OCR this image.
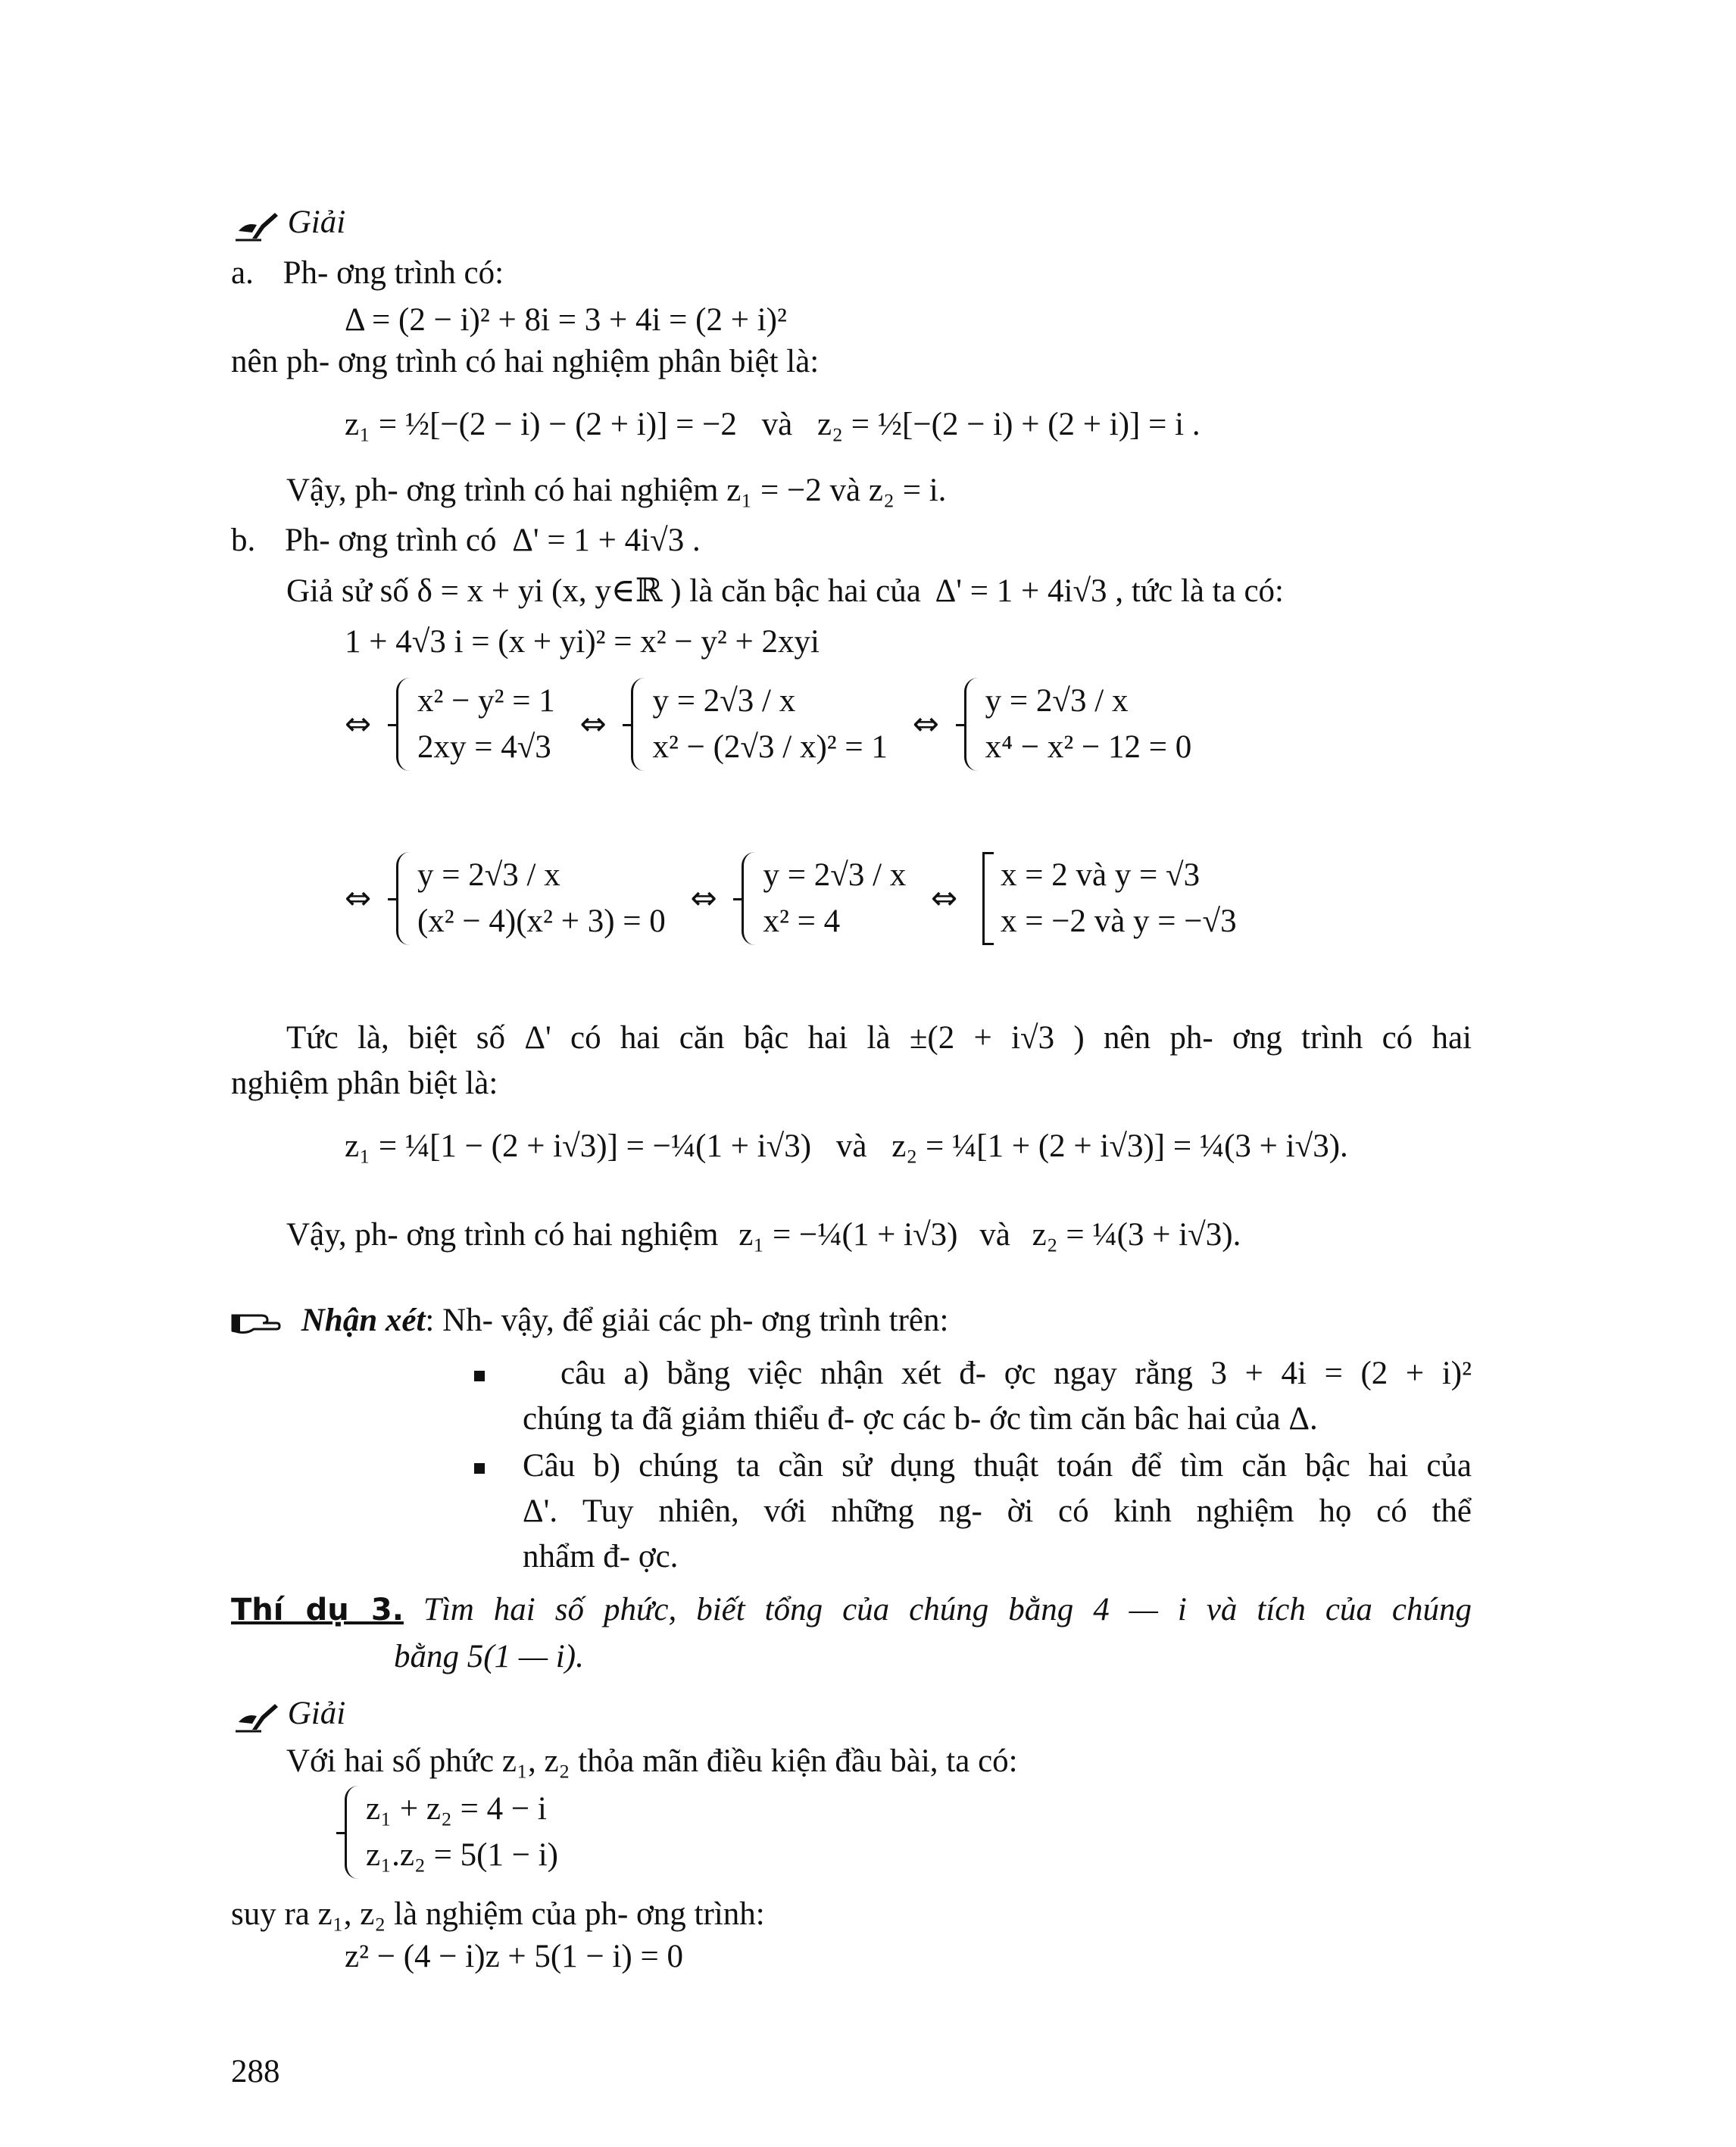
Giải
a. Ph- ơng trình có:
Δ = (2 − i)² + 8i = 3 + 4i = (2 + i)²
nên ph- ơng trình có hai nghiệm phân biệt là:
z₁ = ½[−(2 − i) − (2 + i)] = −2 và z₂ = ½[−(2 − i) + (2 + i)] = i .
Vậy, ph- ơng trình có hai nghiệm z₁ = −2 và z₂ = i.
b. Ph- ơng trình có Δ' = 1 + 4i√3 .
Giả sử số δ = x + yi (x, y∈ℝ ) là căn bậc hai của Δ' = 1 + 4i√3 , tức là ta có:
1 + 4√3 i = (x + yi)² = x² − y² + 2xyi
⇔
x² − y² = 1
2xy = 4√3
⇔
y = 2√3 / x
x² − (2√3 / x)² = 1
⇔
y = 2√3 / x
x⁴ − x² − 12 = 0
⇔
y = 2√3 / x
(x² − 4)(x² + 3) = 0
⇔
y = 2√3 / x
x² = 4
⇔
x = 2 và y = √3
x = −2 và y = −√3
Tức là, biệt số Δ' có hai căn bậc hai là ±(2 + i√3 ) nên ph- ơng trình có hai
nghiệm phân biệt là:
z₁ = ¼[1 − (2 + i√3)] = −¼(1 + i√3) và z₂ = ¼[1 + (2 + i√3)] = ¼(3 + i√3).
Vậy, ph- ơng trình có hai nghiệm z₁ = −¼(1 + i√3) và z₂ = ¼(3 + i√3).
Nhận xét: Nh- vậy, để giải các ph- ơng trình trên:
câu a) bằng việc nhận xét đ- ợc ngay rằng 3 + 4i = (2 + i)²
chúng ta đã giảm thiểu đ- ợc các b- ớc tìm căn bâc hai của Δ.
Câu b) chúng ta cần sử dụng thuật toán để tìm căn bậc hai của
Δ'. Tuy nhiên, với những ng- ời có kinh nghiệm họ có thể
nhẩm đ- ợc.
Thí dụ 3. Tìm hai số phức, biết tổng của chúng bằng 4 — i và tích của chúng
bằng 5(1 — i).
Giải
Với hai số phức z₁, z₂ thỏa mãn điều kiện đầu bài, ta có:
z₁ + z₂ = 4 − i
z₁.z₂ = 5(1 − i)
suy ra z₁, z₂ là nghiệm của ph- ơng trình:
z² − (4 − i)z + 5(1 − i) = 0
288
